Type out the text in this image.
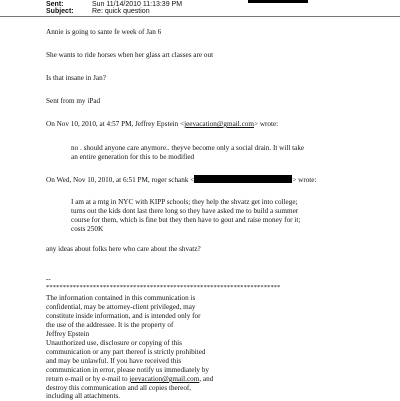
Sent:	Sun 11/14/2010 11:13:39 PM
Subject:	Re: quick question
Annie is going to sante fe week of Jan 6
She wants to ride horses when her glass art classes are out
Is that insane in Jan?
Sent from my iPad
On Nov 10, 2010, at 4:57 PM, Jeffrey Epstein <jeevacation@gmail.com> wrote:
no . should anyone care anymore.. theyve become only a social drain. It will take
an entire generation for this to be modified
On Wed, Nov 10, 2010, at 6:51 PM, roger schank <	> wrote:
I am at a mtg in NYC with KIPP schools; they help the shvatz get into college;
turns out the kids dont last there long so they have asked me to build a summer
course for them, which is fine but they then have to gout and raise money for it;
costs 250K
any ideas about folks here who care about the shvatz?
--
**********************************************************************
The information contained in this communication is
confidential, may be attorney-client privileged, may
constitute inside information, and is intended only for
the use of the addressee. It is the property of
Jeffrey Epstein
Unauthorized use, disclosure or copying of this
communication or any part thereof is strictly prohibited
and may be unlawful. If you have received this
communication in error, please notify us immediately by
return e-mail or by e-mail to jeevacation@gmail.com, and
destroy this communication and all copies thereof,
including all attachments.
